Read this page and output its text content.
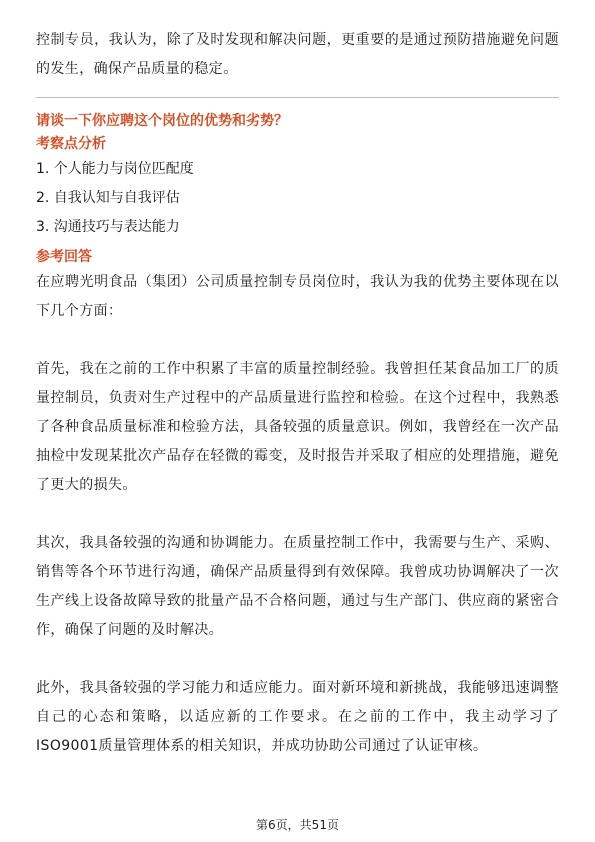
控制专员，我认为，除了及时发现和解决问题，更重要的是通过预防措施避免问题的发生，确保产品质量的稳定。

请谈一下你应聘这个岗位的优势和劣势？

考察点分析

1. 个人能力与岗位匹配度

2. 自我认知与自我评估

3. 沟通技巧与表达能力

参考回答

在应聘光明食品（集团）公司质量控制专员岗位时，我认为我的优势主要体现在以下几个方面：

首先，我在之前的工作中积累了丰富的质量控制经验。我曾担任某食品加工厂的质量控制员，负责对生产过程中的产品质量进行监控和检验。在这个过程中，我熟悉了各种食品质量标准和检验方法，具备较强的质量意识。例如，我曾经在一次产品抽检中发现某批次产品存在轻微的霉变，及时报告并采取了相应的处理措施，避免了更大的损失。

其次，我具备较强的沟通和协调能力。在质量控制工作中，我需要与生产、采购、销售等各个环节进行沟通，确保产品质量得到有效保障。我曾成功协调解决了一次生产线上设备故障导致的批量产品不合格问题，通过与生产部门、供应商的紧密合作，确保了问题的及时解决。

此外，我具备较强的学习能力和适应能力。面对新环境和新挑战，我能够迅速调整自己的心态和策略，以适应新的工作要求。在之前的工作中，我主动学习了ISO9001质量管理体系的相关知识，并成功协助公司通过了认证审核。

第6页，共51页
